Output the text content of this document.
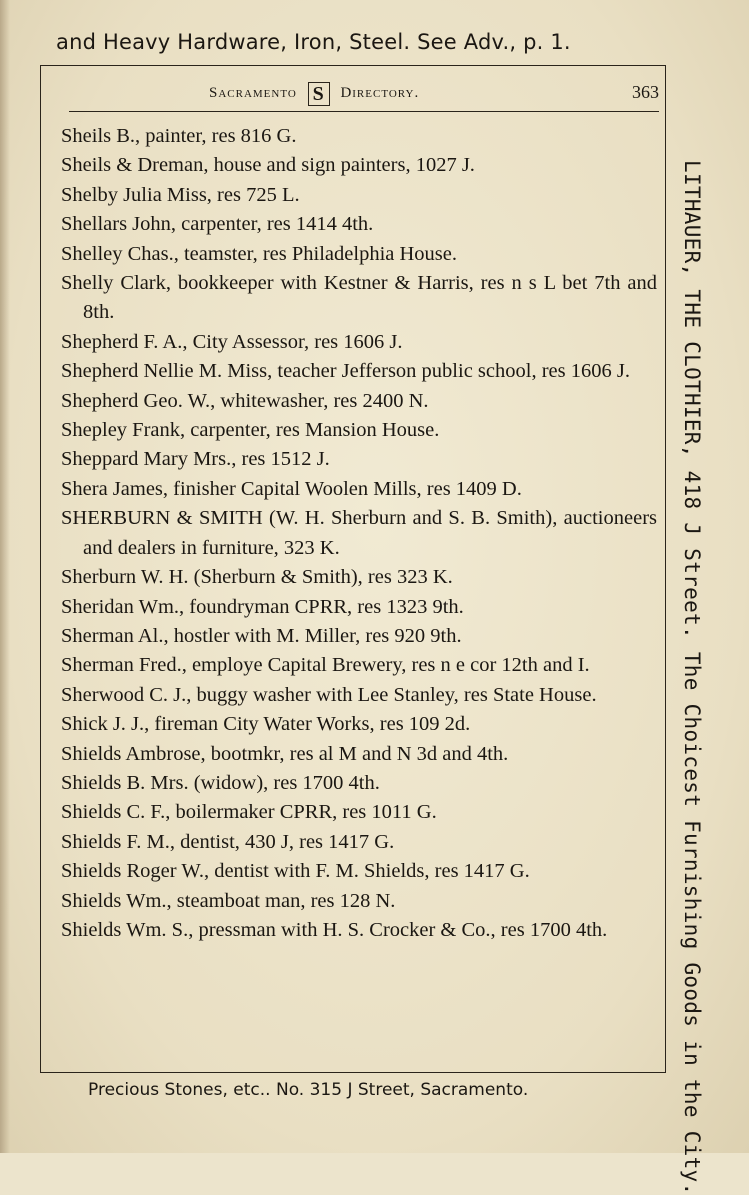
and Heavy Hardware, Iron, Steel. See Adv., p. 1.
Sacramento S Directory.	363
Sheils B., painter, res 816 G.
Sheils & Dreman, house and sign painters, 1027 J.
Shelby Julia Miss, res 725 L.
Shellars John, carpenter, res 1414 4th.
Shelley Chas., teamster, res Philadelphia House.
Shelly Clark, bookkeeper with Kestner & Harris, res n s L bet 7th and 8th.
Shepherd F. A., City Assessor, res 1606 J.
Shepherd Nellie M. Miss, teacher Jefferson public school, res 1606 J.
Shepherd Geo. W., whitewasher, res 2400 N.
Shepley Frank, carpenter, res Mansion House.
Sheppard Mary Mrs., res 1512 J.
Shera James, finisher Capital Woolen Mills, res 1409 D.
SHERBURN & SMITH (W. H. Sherburn and S. B. Smith), auctioneers and dealers in furniture, 323 K.
Sherburn W. H. (Sherburn & Smith), res 323 K.
Sheridan Wm., foundryman CPRR, res 1323 9th.
Sherman Al., hostler with M. Miller, res 920 9th.
Sherman Fred., employe Capital Brewery, res n e cor 12th and I.
Sherwood C. J., buggy washer with Lee Stanley, res State House.
Shick J. J., fireman City Water Works, res 109 2d.
Shields Ambrose, bootmkr, res al M and N 3d and 4th.
Shields B. Mrs. (widow), res 1700 4th.
Shields C. F., boilermaker CPRR, res 1011 G.
Shields F. M., dentist, 430 J, res 1417 G.
Shields Roger W., dentist with F. M. Shields, res 1417 G.
Shields Wm., steamboat man, res 128 N.
Shields Wm. S., pressman with H. S. Crocker & Co., res 1700 4th.	LITHAUER, THE CLOTHIER, 418 J Street. The Choicest Furnishing Goods in the City.
Precious Stones, etc.. No. 315 J Street, Sacramento.
